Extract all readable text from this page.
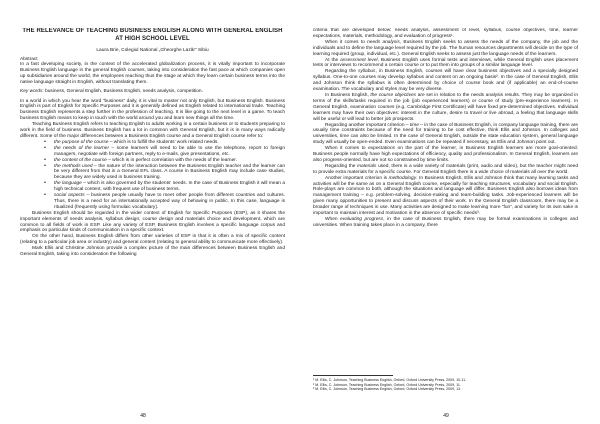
THE RELEVANCE OF TEACHING BUSINESS ENGLISH ALONG WITH GENERAL ENGLISH AT HIGH SCHOOL LEVEL

Laura Brie, Colegiul National „Gheorghe Lazăr” Sibiu

Abstract

In a fast developing society, in the context of the accelerated globalization process, it is vitally important to incorporate Business English language in the general English courses, taking into consideration the fast pace at which companies open up subsidiaries around the world, the employees reaching thus the stage at which they learn certain business terms into the native language straight in English, without translating them.

Key words: business, General English, Business English, needs analysis, competition.

In a world in which you hear the word “business” daily, it is vital to master not only English, but Business English. Business English is part of English for Specific Purposes and it is generally defined as English related to international trade. Teaching business English represents a step further in the profession of teaching. It is like going to the next level in a game. To teach business English means to keep in touch with the world around you and learn new things all the time.

Teaching Business English refers to teaching English to adults working in a certain business or to students preparing to work in the field of business. Business English has a lot in common with General English, but it is in many ways radically different. Some of the major differences between a Business English course and a General English course refer to:

• the purpose of the course – which is to fulfill the students’ work related needs.
• the needs of the learner – some learners will need to be able to use the telephone, report to foreign managers, negotiate with foreign partners, reply to e-mails, give presentations, etc.
• the content of the course – which is in perfect correlation with the needs of the learner.
• the methods used – the nature of the interaction between the Business English teacher and the learner can be very different from that in a General EFL class. A course in Business English may include case studies, because they are widely used in business training.
• the language – which is also governed by the students’ needs. In the case of Business English it will mean a high technical content, with frequent use of business terms.
• social aspects – business people usually have to meet other people from different countries and cultures. Thus, there is a need for an internationally accepted way of behaving in public. In this case, language is ritualized (frequently using formulaic vocabulary).

Business English should be regarded in the wider context of English for Specific Purposes (ESP), as it shares the important elements of needs analysis, syllabus design, course design and materials choice and development, which are common to all fields of work in ESP. Like any variety of ESP, Business English involves a specific language corpus and emphasis on particular kinds of communication in a specific context.

On the other hand, Business English differs from other varieties of ESP in that it is often a mix of specific content (relating to a particular job area or industry) and general content (relating to general ability to communicate more effectively).

Mark Ellis and Christine Johnson provide a complex picture of the main differences between Business English and General English, taking into consideration the following

48

criteria that are developed below: needs analysis, assessment of level, syllabus, course objectives, time, learner expectations, materials, methodology, and evaluation of progress¹.

When it comes to needs analysis, Business English seeks to assess the needs of the company, the job and the individuals and to define the language level required by the job. The human resources departments will decide on the type of learning required (group, individual, etc.). General English seeks to assess just the language needs of the learners.

At the assessment level, Business English uses formal tests and interviews, while General English uses placement tests or interviews to recommend a certain course or to put them into groups of a similar language level.

Regarding the syllabus, in Business English, courses will have clear business objectives and a specially designed syllabus. One-to-one courses may develop syllabus and content on an ongoing basis². In the case of General English, Ellis and Johnson think the syllabus is often determined by choice of course book and (if applicable) an end-of-course examination. The vocabulary and styles may be very diverse.

In Business English, the course objectives are set in relation to the needs analysis results. They may be organized in terms of the skills/tasks required in the job (job experienced learners) or course of study (pre-experience learners). In General English, examination courses (e.g. Cambridge First Certificate) will have fixed pre-determined objectives. Individual learners may have their own objectives: interest in the culture, desire to travel or live abroad, a feeling that language skills will be useful or will lead to better job prospects.

Regarding another important criterion – time – in the case of Business English, in company language training, there are usually time constraints because of the need for training to be cost effective, think Ellis and Johnson. In colleges and universities, time can also be limited. In the case of General English, outside the state education system, general language study will usually be open-ended. Even examinations can be repeated if necessary, as Ellis and Johnson point out.

When it comes to expectations on the part of the learner, in Business English learners are more goal-oriented. Business people normally have high expectations of efficiency, quality and professionalism. In General English, learners are also progress-oriented, but are not so constrained by time limits.

Regarding the materials used, there is a wide variety of materials (print, audio and video), but the teacher might need to provide extra materials for a specific course. For General English there is a wide choice of materials all over the world.

Another important criterion is methodology. In Business English, Ellis and Johnson think that many learning tasks and activities will be the same as on a General English course, especially for teaching structures, vocabulary and social English. Role-plays are common to both, although the situations and language will differ. Business English also borrows ideas from management training – e.g. problem-solving, decision-making and team-building tasks. Job-experienced learners will be given many opportunities to present and discuss aspects of their work. In the General English classroom, there may be a broader range of techniques in use. Many activities are designed to make learning more “fun”, and variety for its own sake is important to maintain interest and motivation in the absence of specific needs³.

When evaluating progress, in the case of Business English, there may be formal examinations in colleges and universities. When training takes place in a company, there

¹ M. Ellis, C. Johnson, Teaching Business English, Oxford, Oxford University Press, 2009, 10-11.

² M. Ellis, C. Johnson, Teaching Business English, Oxford, Oxford University Press, 2009, 11.

³ M. Ellis, C. Johnson, Teaching Business English, Oxford, Oxford University Press, 2009, 13.

49
